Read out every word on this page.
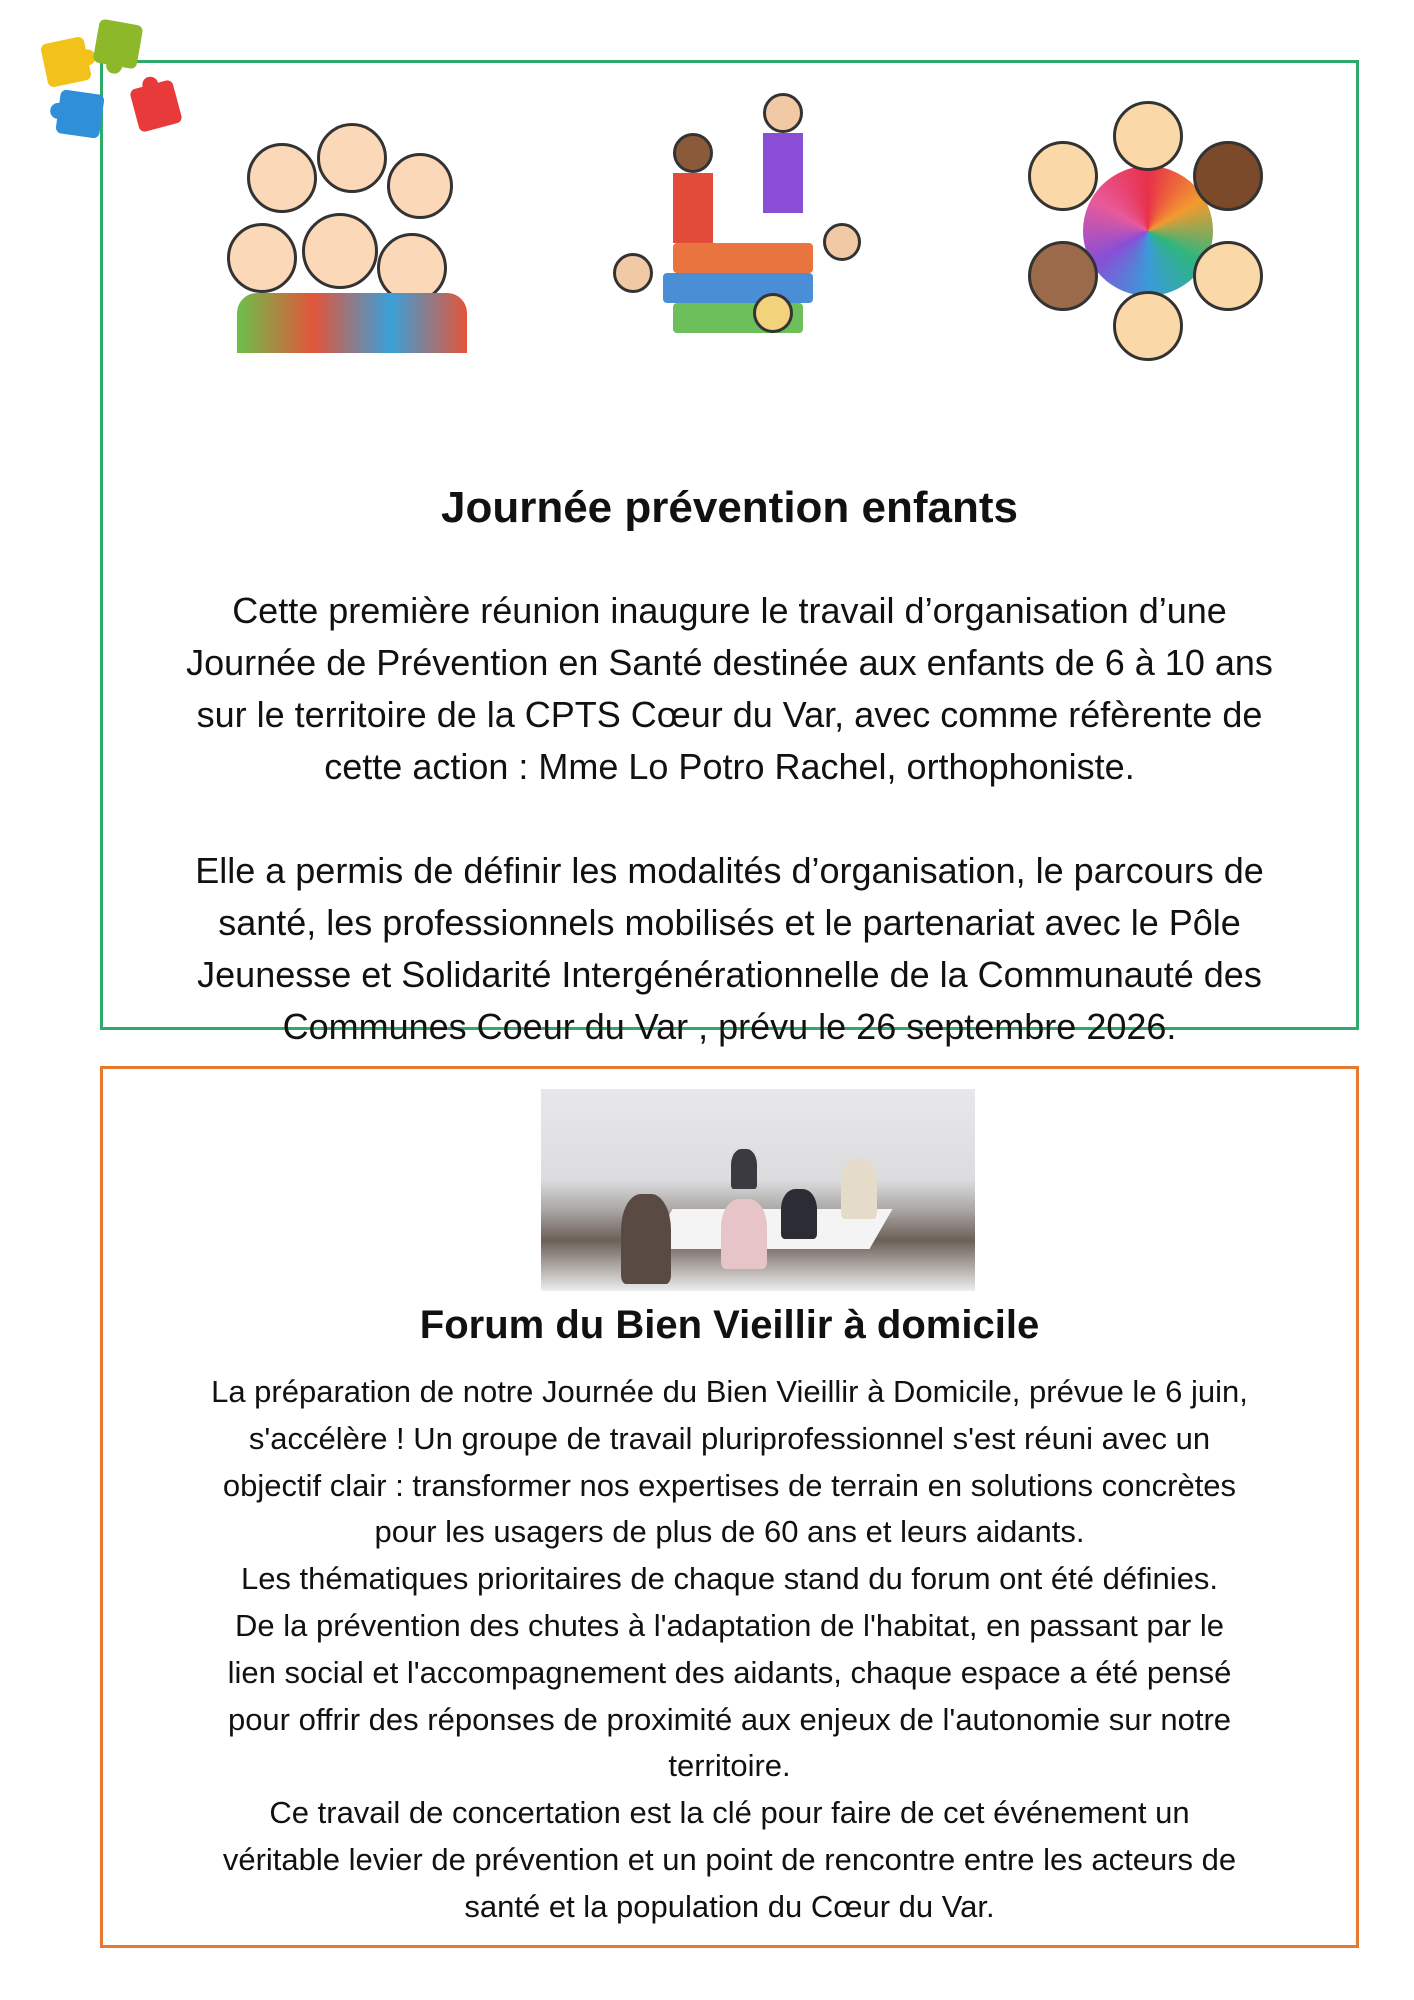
Journée prévention enfants
Cette première réunion inaugure le travail d’organisation d’une
Journée de Prévention en Santé destinée aux enfants de 6 à 10 ans
sur le territoire de la CPTS Cœur du Var, avec comme réfèrente de
cette action : Mme Lo Potro Rachel, orthophoniste.
Elle a permis de définir les modalités d’organisation, le parcours de
santé, les professionnels mobilisés et le partenariat avec le Pôle
Jeunesse et Solidarité Intergénérationnelle de la Communauté des
Communes Coeur du Var , prévu le 26 septembre 2026.
Forum du Bien Vieillir à domicile
La préparation de notre Journée du Bien Vieillir à Domicile, prévue le 6 juin,
s'accélère ! Un groupe de travail pluriprofessionnel s'est réuni avec un
objectif clair : transformer nos expertises de terrain en solutions concrètes
pour les usagers de plus de 60 ans et leurs aidants.
Les thématiques prioritaires de chaque stand du forum ont été définies.
De la prévention des chutes à l'adaptation de l'habitat, en passant par le
lien social et l'accompagnement des aidants, chaque espace a été pensé
pour offrir des réponses de proximité aux enjeux de l'autonomie sur notre
territoire.
Ce travail de concertation est la clé pour faire de cet événement un
véritable levier de prévention et un point de rencontre entre les acteurs de
santé et la population du Cœur du Var.
